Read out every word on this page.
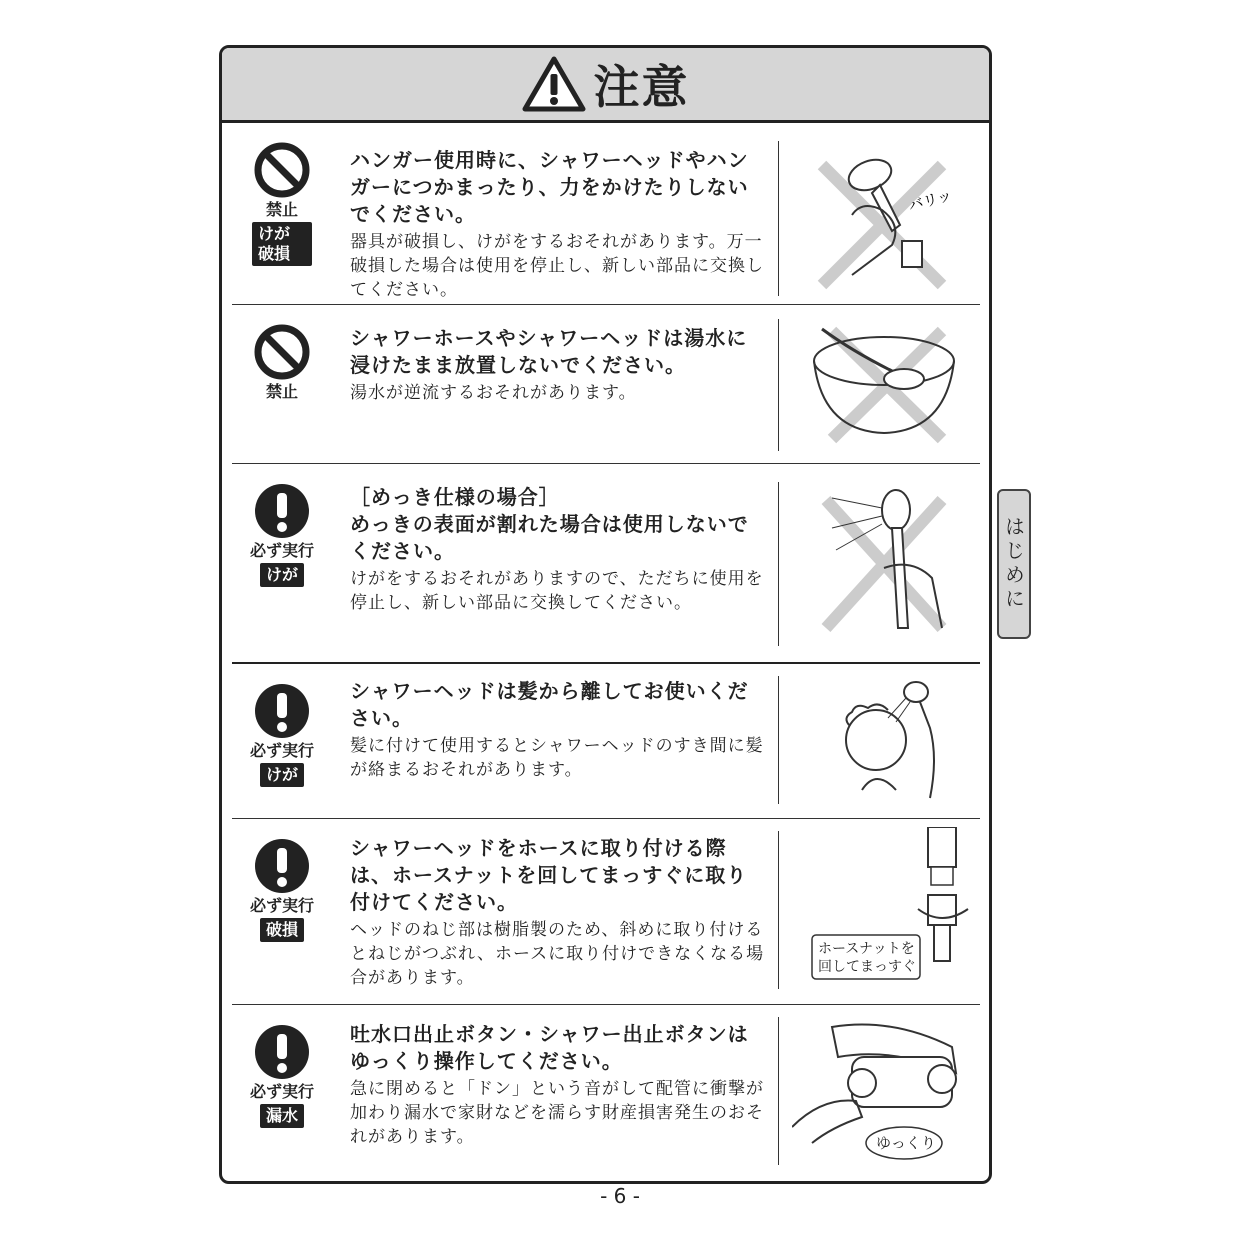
注意
禁止
けが
破損
ハンガー使用時に、シャワーヘッドやハンガーにつかまったり、力をかけたりしないでください。
器具が破損し、けがをするおそれがあります。万一破損した場合は使用を停止し、新しい部品に交換してください。
バリッ
禁止
シャワーホースやシャワーヘッドは湯水に浸けたまま放置しないでください。
湯水が逆流するおそれがあります。
必ず実行
けが
［めっき仕様の場合］
めっきの表面が割れた場合は使用しないでください。
けがをするおそれがありますので、ただちに使用を停止し、新しい部品に交換してください。
必ず実行
けが
シャワーヘッドは髪から離してお使いください。
髪に付けて使用するとシャワーヘッドのすき間に髪が絡まるおそれがあります。
必ず実行
破損
シャワーヘッドをホースに取り付ける際は、ホースナットを回してまっすぐに取り付けてください。
ヘッドのねじ部は樹脂製のため、斜めに取り付けるとねじがつぶれ、ホースに取り付けできなくなる場合があります。
ホースナットを 回してまっすぐ
必ず実行
漏水
吐水口出止ボタン・シャワー出止ボタンはゆっくり操作してください。
急に閉めると「ドン」という音がして配管に衝撃が加わり漏水で家財などを濡らす財産損害発生のおそれがあります。	ゆっくり
はじめに
- 6 -
